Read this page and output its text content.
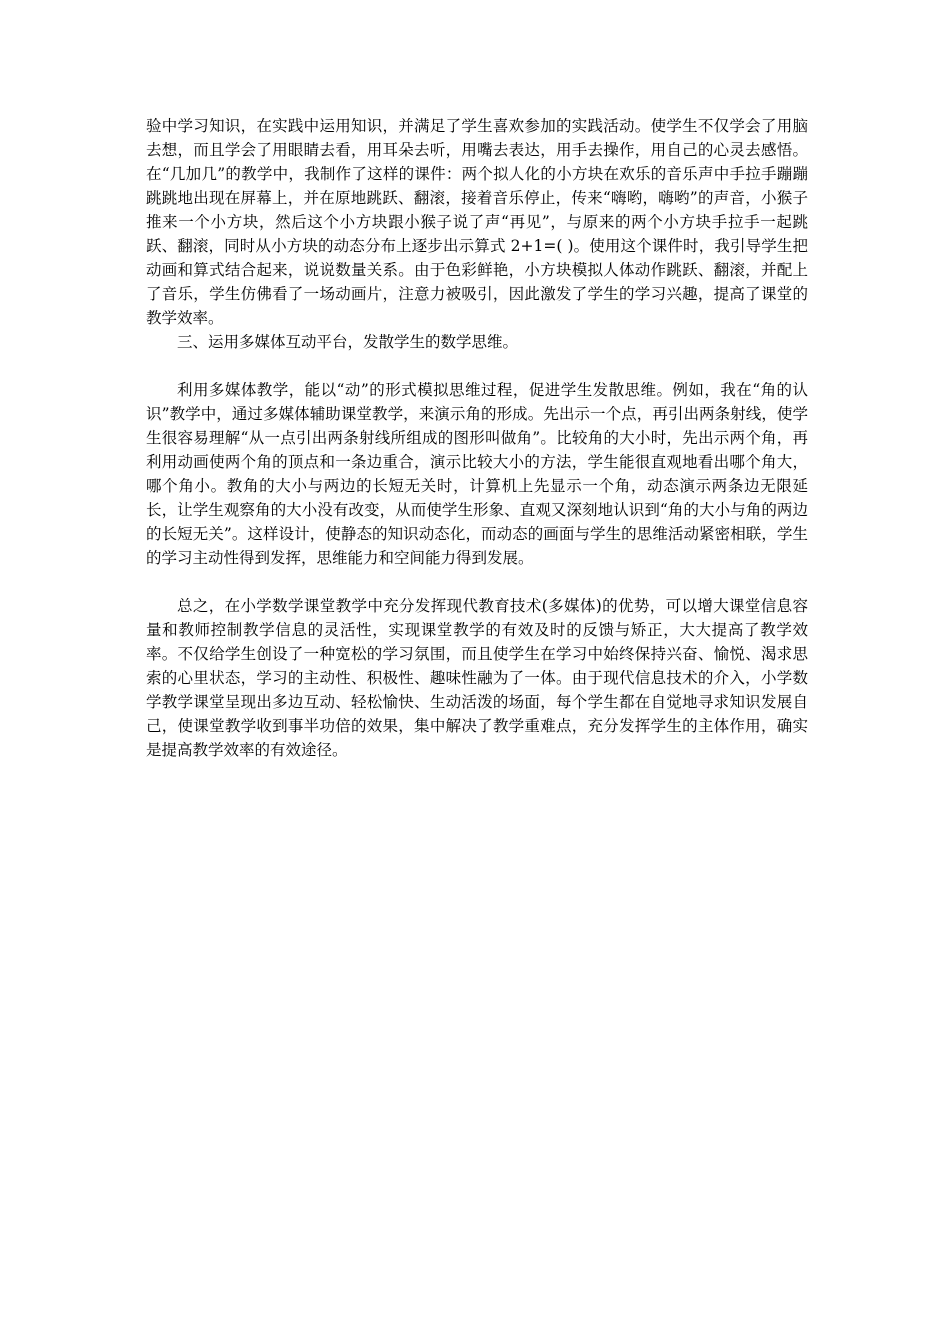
验中学习知识，在实践中运用知识，并满足了学生喜欢参加的实践活动。使学生不仅学会了用脑去想，而且学会了用眼睛去看，用耳朵去听，用嘴去表达，用手去操作，用自己的心灵去感悟。在“几加几”的教学中，我制作了这样的课件：两个拟人化的小方块在欢乐的音乐声中手拉手蹦蹦跳跳地出现在屏幕上，并在原地跳跃、翻滚，接着音乐停止，传来“嗨哟，嗨哟”的声音，小猴子推来一个小方块，然后这个小方块跟小猴子说了声“再见”，与原来的两个小方块手拉手一起跳跃、翻滚，同时从小方块的动态分布上逐步出示算式 2+1=( )。使用这个课件时，我引导学生把动画和算式结合起来，说说数量关系。由于色彩鲜艳，小方块模拟人体动作跳跃、翻滚，并配上了音乐，学生仿佛看了一场动画片，注意力被吸引，因此激发了学生的学习兴趣，提高了课堂的教学效率。

三、运用多媒体互动平台，发散学生的数学思维。

利用多媒体教学，能以“动”的形式模拟思维过程，促进学生发散思维。例如，我在“角的认识”教学中，通过多媒体辅助课堂教学，来演示角的形成。先出示一个点，再引出两条射线，使学生很容易理解“从一点引出两条射线所组成的图形叫做角”。比较角的大小时，先出示两个角，再利用动画使两个角的顶点和一条边重合，演示比较大小的方法，学生能很直观地看出哪个角大，哪个角小。教角的大小与两边的长短无关时，计算机上先显示一个角，动态演示两条边无限延长，让学生观察角的大小没有改变，从而使学生形象、直观又深刻地认识到“角的大小与角的两边的长短无关”。这样设计，使静态的知识动态化，而动态的画面与学生的思维活动紧密相联，学生的学习主动性得到发挥，思维能力和空间能力得到发展。

总之，在小学数学课堂教学中充分发挥现代教育技术(多媒体)的优势，可以增大课堂信息容量和教师控制教学信息的灵活性，实现课堂教学的有效及时的反馈与矫正，大大提高了教学效率。不仅给学生创设了一种宽松的学习氛围，而且使学生在学习中始终保持兴奋、愉悦、渴求思索的心里状态，学习的主动性、积极性、趣味性融为了一体。由于现代信息技术的介入，小学数学教学课堂呈现出多边互动、轻松愉快、生动活泼的场面，每个学生都在自觉地寻求知识发展自己，使课堂教学收到事半功倍的效果，集中解决了教学重难点，充分发挥学生的主体作用，确实是提高教学效率的有效途径。
